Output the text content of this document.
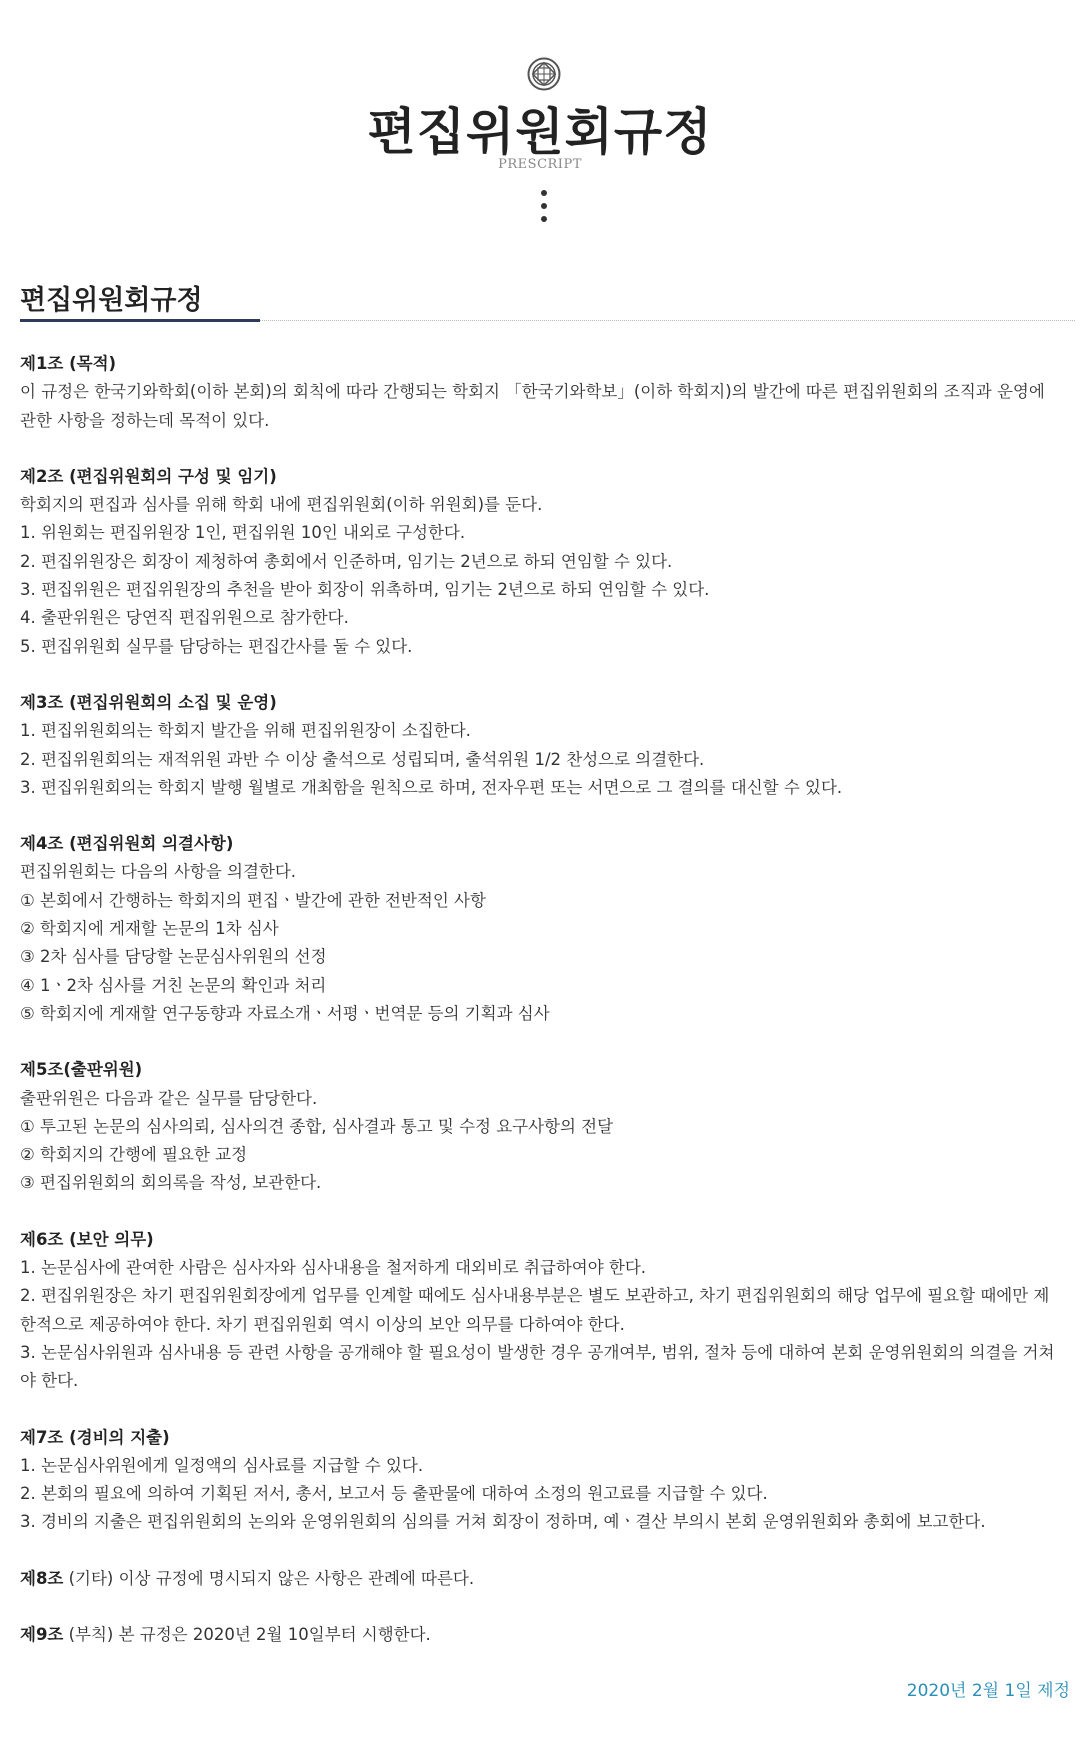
편집위원회규정
PRESCRIPT
편집위원회규정
제1조 (목적)
이 규정은 한국기와학회(이하 본회)의 회칙에 따라 간행되는 학회지 「한국기와학보」(이하 학회지)의 발간에 따른 편집위원회의 조직과 운영에 관한 사항을 정하는데 목적이 있다.
제2조 (편집위원회의 구성 및 임기)
학회지의 편집과 심사를 위해 학회 내에 편집위원회(이하 위원회)를 둔다.
1. 위원회는 편집위원장 1인, 편집위원 10인 내외로 구성한다.
2. 편집위원장은 회장이 제청하여 총회에서 인준하며, 임기는 2년으로 하되 연임할 수 있다.
3. 편집위원은 편집위원장의 추천을 받아 회장이 위촉하며, 임기는 2년으로 하되 연임할 수 있다.
4. 출판위원은 당연직 편집위원으로 참가한다.
5. 편집위원회 실무를 담당하는 편집간사를 둘 수 있다.
제3조 (편집위원회의 소집 및 운영)
1. 편집위원회의는 학회지 발간을 위해 편집위원장이 소집한다.
2. 편집위원회의는 재적위원 과반 수 이상 출석으로 성립되며, 출석위원 1/2 찬성으로 의결한다.
3. 편집위원회의는 학회지 발행 월별로 개최함을 원칙으로 하며, 전자우편 또는 서면으로 그 결의를 대신할 수 있다.
제4조 (편집위원회 의결사항)
편집위원회는 다음의 사항을 의결한다.
① 본회에서 간행하는 학회지의 편집ㆍ발간에 관한 전반적인 사항
② 학회지에 게재할 논문의 1차 심사
③ 2차 심사를 담당할 논문심사위원의 선정
④ 1ㆍ2차 심사를 거친 논문의 확인과 처리
⑤ 학회지에 게재할 연구동향과 자료소개ㆍ서평ㆍ번역문 등의 기획과 심사
제5조(출판위원)
출판위원은 다음과 같은 실무를 담당한다.
① 투고된 논문의 심사의뢰, 심사의견 종합, 심사결과 통고 및 수정 요구사항의 전달
② 학회지의 간행에 필요한 교정
③ 편집위원회의 회의록을 작성, 보관한다.
제6조 (보안 의무)
1. 논문심사에 관여한 사람은 심사자와 심사내용을 철저하게 대외비로 취급하여야 한다.
2. 편집위원장은 차기 편집위원회장에게 업무를 인계할 때에도 심사내용부분은 별도 보관하고, 차기 편집위원회의 해당 업무에 필요할 때에만 제한적으로 제공하여야 한다. 차기 편집위원회 역시 이상의 보안 의무를 다하여야 한다.
3. 논문심사위원과 심사내용 등 관련 사항을 공개해야 할 필요성이 발생한 경우 공개여부, 범위, 절차 등에 대하여 본회 운영위원회의 의결을 거쳐야 한다.
제7조 (경비의 지출)
1. 논문심사위원에게 일정액의 심사료를 지급할 수 있다.
2. 본회의 필요에 의하여 기획된 저서, 총서, 보고서 등 출판물에 대하여 소정의 원고료를 지급할 수 있다.
3. 경비의 지출은 편집위원회의 논의와 운영위원회의 심의를 거쳐 회장이 정하며, 예ㆍ결산 부의시 본회 운영위원회와 총회에 보고한다.
제8조 (기타) 이상 규정에 명시되지 않은 사항은 관례에 따른다.
제9조 (부칙) 본 규정은 2020년 2월 10일부터 시행한다.
2020년 2월 1일 제정
